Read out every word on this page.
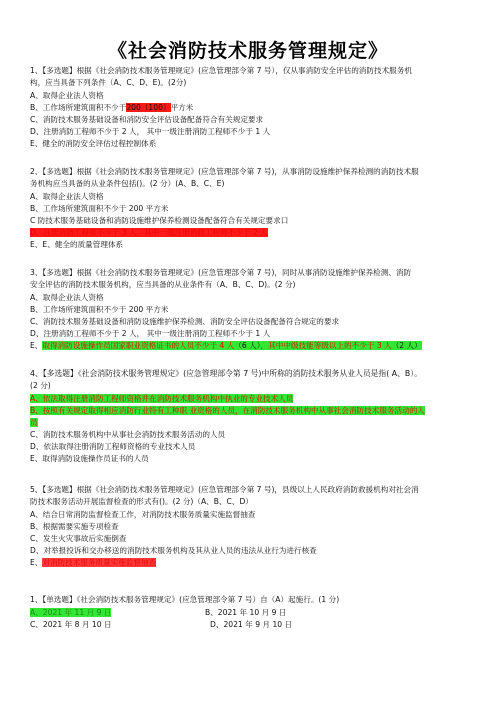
《社会消防技术服务管理规定》
1、【多选题】根据《社会消防技术服务管理规定》(应急管理部令第 7 号），仅从事消防安全评估的消防技术服务机
构，应当具备下列条件（A、C、D、E)。(2分)
A、取得企业法人资格
B、工作场所建筑面积不少于200（100）平方米
C、消防技术服务基础设备和消防安全评估设备配备符合有关规定要求
D、注册消防工程师不少于 2 人， 其中一级注册消防工程师不少于 1 人
E、健全的消防安全评估过程控制体系
2、【多选题】根据《社会消防技术服务管理规定》(应急管理部令第 7 号)，从事消防设施维护保养检测的消防技术服
务机构应当具备的从业条件包括()。(2 分）(A、B、C、E)
A、取得企业法人资格
B、工作场所建筑面积不少于 200 平方米
C 防技术服务基础设备和消防设施维护保养检测设备配备符合有关规定要求口
D、注册消防工程师不少于 3 人，其中一级注册消防工程师不少于 2 人
E、E、健全的质量管理体系
3、【多选题】根据《社会消防技术服务管理规定》(应急管理部令第 7 号)，同时从事消防设施维护保养检测、消防
安全评估的消防技术服务机构，应当具备的从业条件有（A、B、C、D)。(2 分)
A、取得企业法人资格
B、工作场所建筑面积不少于 200 平方米
C、消防技术服务基础设备和消防设施维护保养检测、消防安全评估设备配备符合规定的要求
D、注册消防工程师不少于 2 人， 其中一级注册消防工程师不少于 1 人
E、取得消防设施操作员国家职业资格证书的人员不少于 4 人（6 人），其中中级技能等级以上的不少于 3 人（2 人）
4、【多选题】《社会消防技术服务管理规定》(应急管理部令第 7 号)中所称的消防技术服务从业人员是指( A、B）。
(2 分)
A、依法取得注册消防工程师资格并在消防技术服务机构中执业的专业技术人员
B、按照有关规定取得相应消防行业特有工种职 业资格的人员，在消防技术服务机构中从事社会消防技术服务活动的人
员
C、消防技术服务机构中从事社会消防技术服务活动的人员
D、依法取得注册消防工程师资格的专业技术人员
E、取得消防设施操作员证书的人员
5、【多选题】根据《社会消防技术服务管理规定》(应急管理部令第 7 号)，县级以上人民政府消防救援机构对社会消
防技术服务活动开展监督检查的形式有()。(2 分)（A、B、C、D）
A、结合日常消防监督检查工作，对消防技术服务质量实施监督抽查
B、根据需要实施专项检查
C、发生火灾事故后实施倒查
D、对举报投诉和交办移送的消防技术服务机构及其从业人员的违法从业行为进行核查
E、对消防技术服务质量实施监督抽查
1、【单选题】《社会消防技术服务管理规定》(应急管理部令第 7 号）自（A）起施行。(1 分)
A、2021 年 11 月 9 日	B、2021 年 10 月 9 日
C、2021 年 8 月 10 日	D、2021 年 9 月 10 日
